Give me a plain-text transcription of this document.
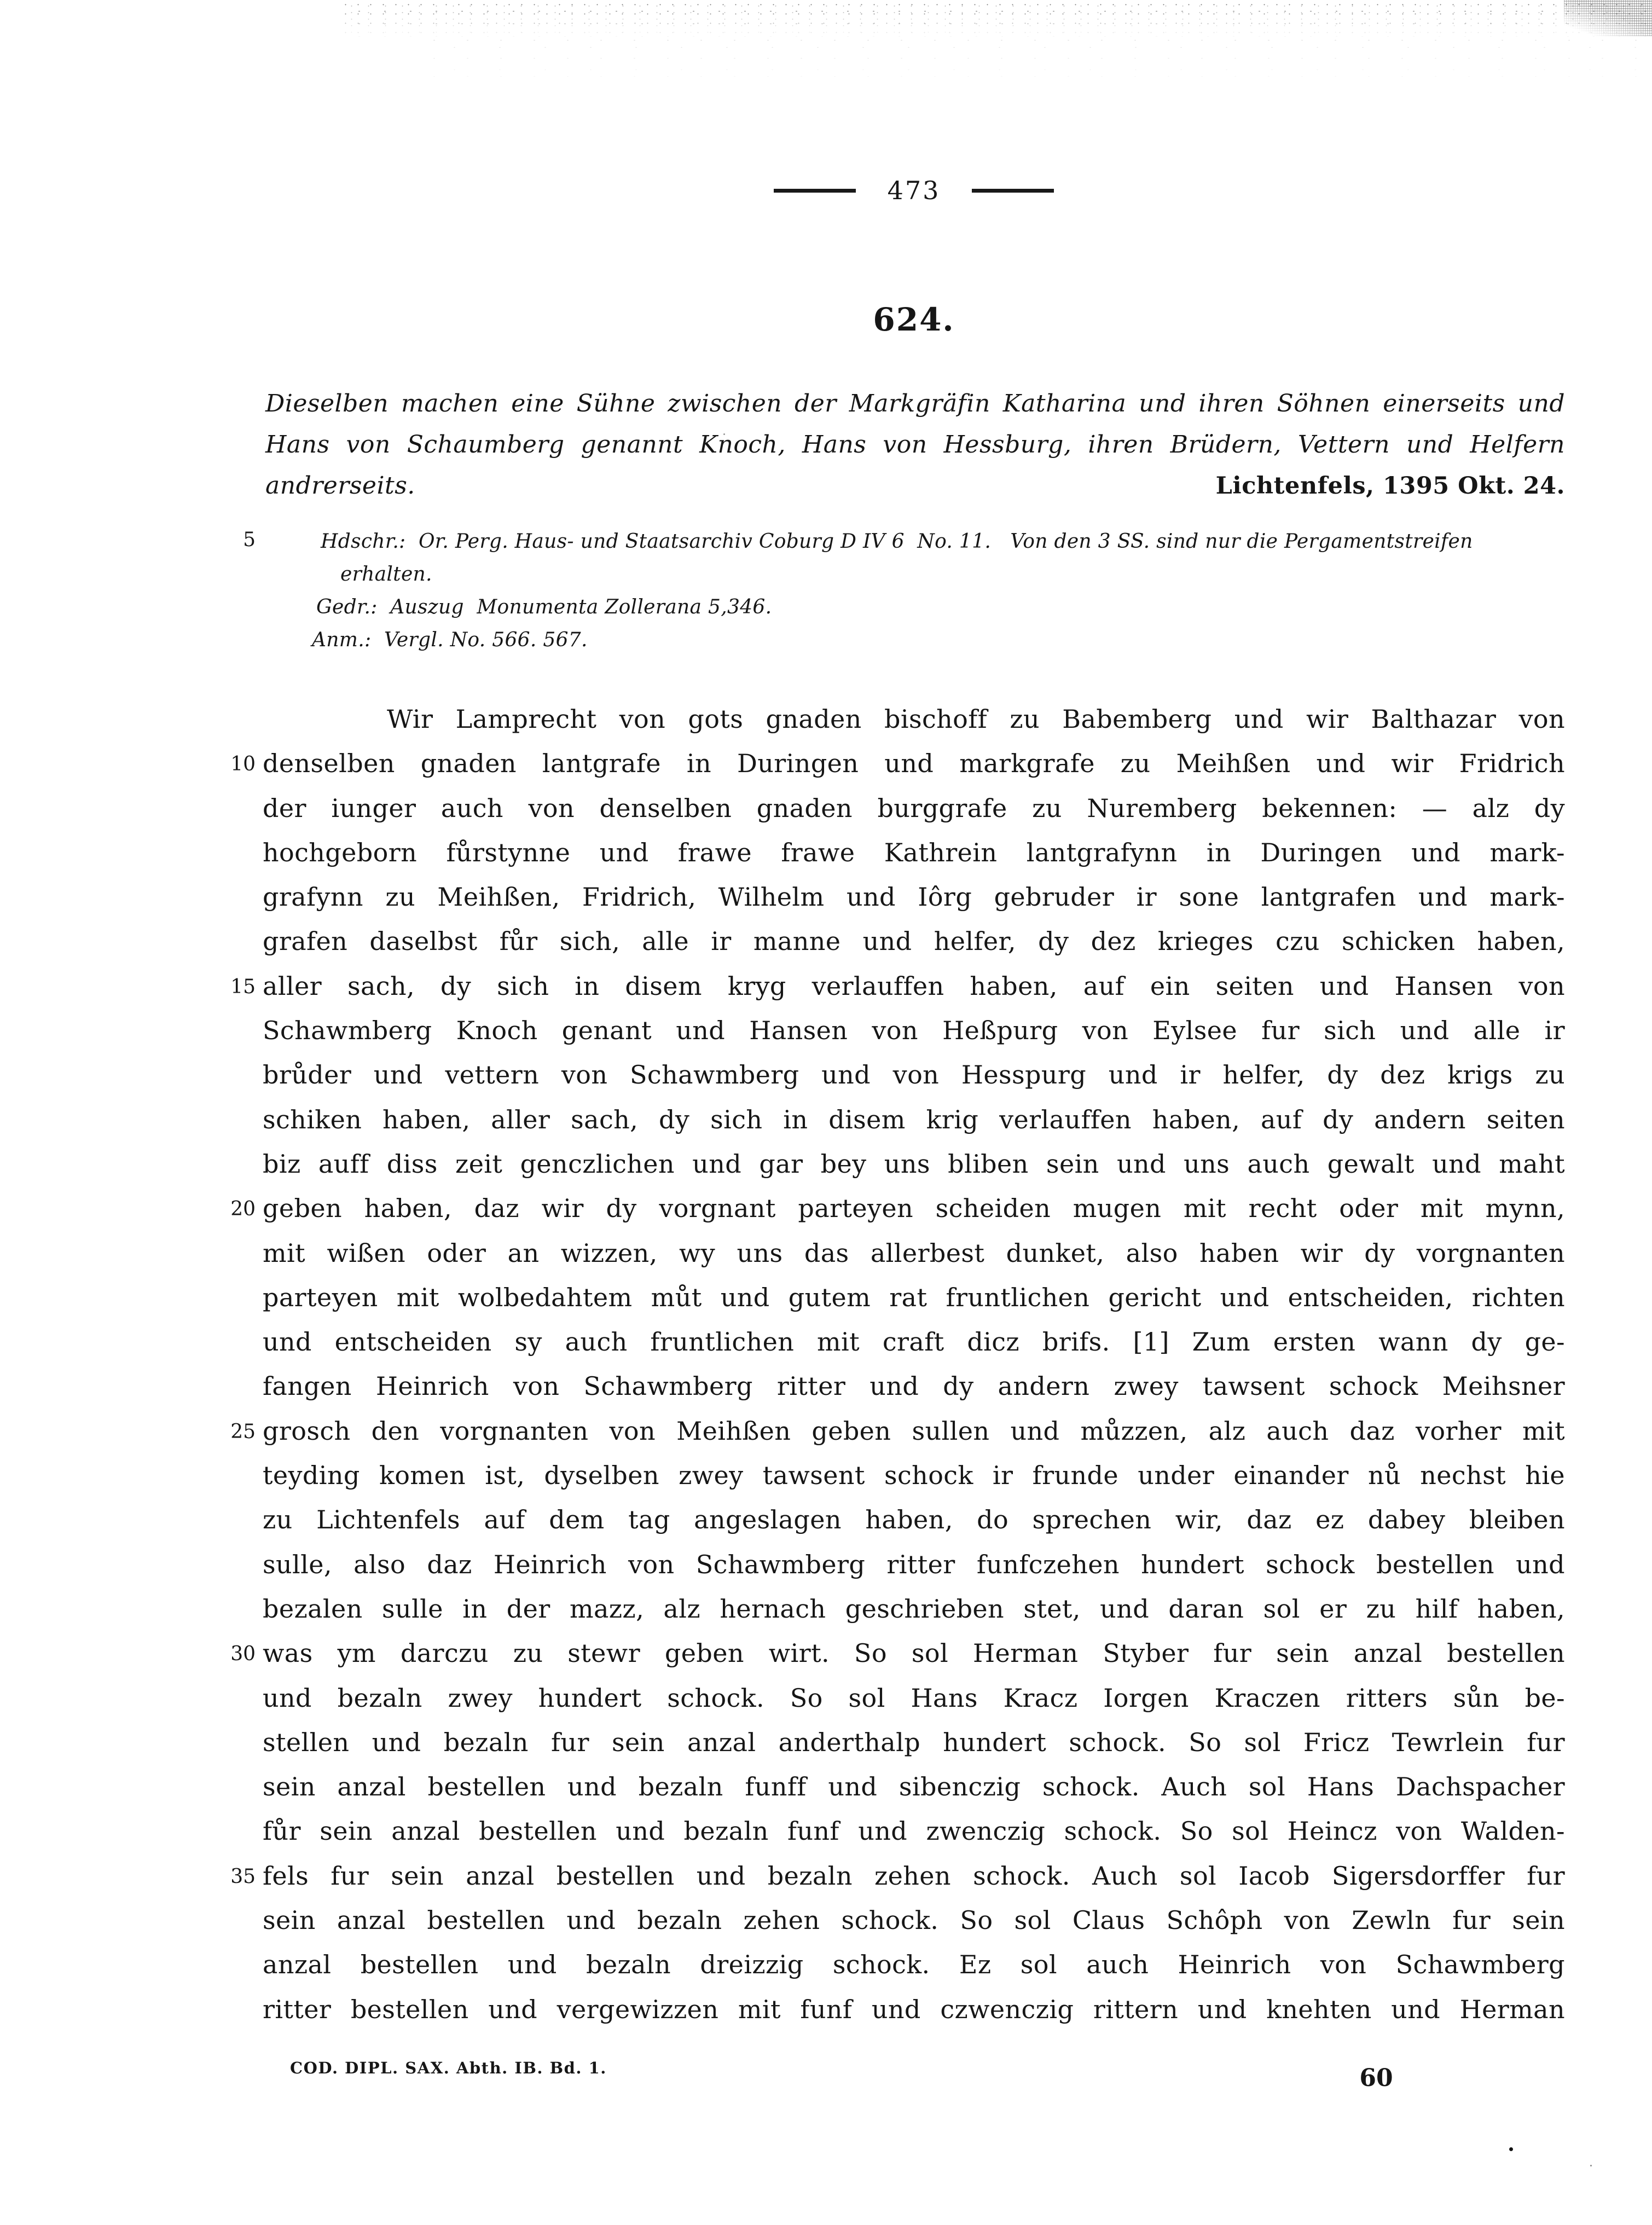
473
624.
Dieselben machen eine Sühne zwischen der Markgräfin Katharina und ihren Söhnen einerseits und
Hans von Schaumberg genannt Knoch, Hans von Hessburg, ihren Brüdern, Vettern und Helfern
andrerseits.	Lichtenfels, 1395 Okt. 24.
5	Hdschr.:  Or. Perg. Haus- und Staatsarchiv Coburg D IV 6  No. 11.   Von den 3 SS. sind nur die Pergamentstreifen
erhalten.
Gedr.:  Auszug  Monumenta Zollerana 5,346.
Anm.:  Vergl. No. 566. 567.
10
15
20
25
30
35
Wir Lamprecht von gots gnaden bischoff zu Babemberg und wir Balthazar von
denselben gnaden lantgrafe in Duringen und markgrafe zu Meihßen und wir Fridrich
der iunger auch von denselben gnaden burggrafe zu Nuremberg bekennen: — alz dy
hochgeborn fůrstynne und frawe frawe Kathrein lantgrafynn in Duringen und mark-
grafynn zu Meihßen, Fridrich, Wilhelm und Iôrg gebruder ir sone lantgrafen und mark-
grafen daselbst fůr sich, alle ir manne und helfer, dy dez krieges czu schicken haben,
aller sach, dy sich in disem kryg verlauffen haben, auf ein seiten und Hansen von
Schawmberg Knoch genant und Hansen von Heßpurg von Eylsee fur sich und alle ir
brůder und vettern von Schawmberg und von Hesspurg und ir helfer, dy dez krigs zu
schiken haben, aller sach, dy sich in disem krig verlauffen haben, auf dy andern seiten
biz auff diss zeit genczlichen und gar bey uns bliben sein und uns auch gewalt und maht
geben haben, daz wir dy vorgnant parteyen scheiden mugen mit recht oder mit mynn,
mit wißen oder an wizzen, wy uns das allerbest dunket, also haben wir dy vorgnanten
parteyen mit wolbedahtem můt und gutem rat fruntlichen gericht und entscheiden, richten
und entscheiden sy auch fruntlichen mit craft dicz brifs. [1] Zum ersten wann dy ge-
fangen Heinrich von Schawmberg ritter und dy andern zwey tawsent schock Meihsner
grosch den vorgnanten von Meihßen geben sullen und můzzen, alz auch daz vorher mit
teyding komen ist, dyselben zwey tawsent schock ir frunde under einander nů nechst hie
zu Lichtenfels auf dem tag angeslagen haben, do sprechen wir, daz ez dabey bleiben
sulle, also daz Heinrich von Schawmberg ritter funfczehen hundert schock bestellen und
bezalen sulle in der mazz, alz hernach geschrieben stet, und daran sol er zu hilf haben,
was ym darczu zu stewr geben wirt. So sol Herman Styber fur sein anzal bestellen
und bezaln zwey hundert schock. So sol Hans Kracz Iorgen Kraczen ritters sůn be-
stellen und bezaln fur sein anzal anderthalp hundert schock. So sol Fricz Tewrlein fur
sein anzal bestellen und bezaln funff und sibenczig schock. Auch sol Hans Dachspacher
fůr sein anzal bestellen und bezaln funf und zwenczig schock. So sol Heincz von Walden-
fels fur sein anzal bestellen und bezaln zehen schock. Auch sol Iacob Sigersdorffer fur
sein anzal bestellen und bezaln zehen schock. So sol Claus Schôph von Zewln fur sein
anzal bestellen und bezaln dreizzig schock. Ez sol auch Heinrich von Schawmberg
ritter bestellen und vergewizzen mit funf und czwenczig rittern und knehten und Herman
COD. DIPL. SAX. Abth. IB. Bd. 1.	60
